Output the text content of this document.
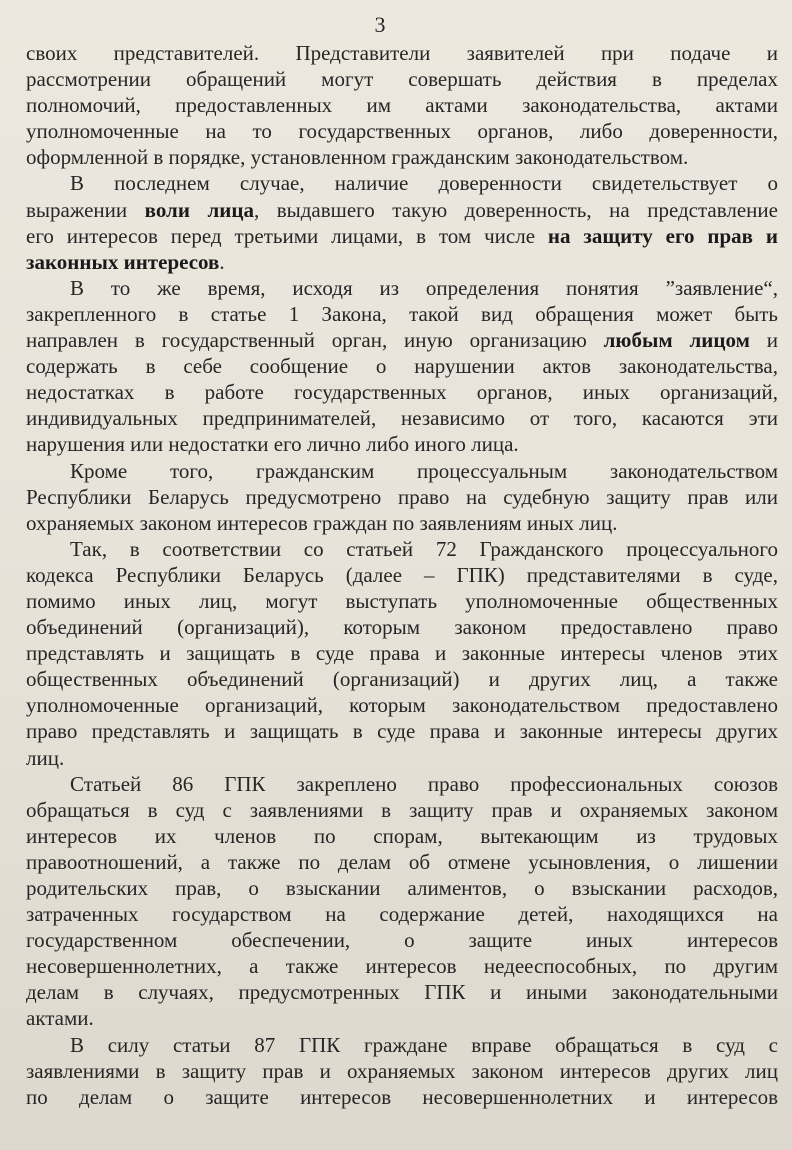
3

своих представителей. Представители заявителей при подаче и
рассмотрении обращений могут совершать действия в пределах
полномочий, предоставленных им актами законодательства, актами
уполномоченные на то государственных органов, либо доверенности,
оформленной в порядке, установленном гражданским законодательством.

В последнем случае, наличие доверенности свидетельствует о
выражении воли лица, выдавшего такую доверенность, на представление
его интересов перед третьими лицами, в том числе на защиту его прав и
законных интересов.

В то же время, исходя из определения понятия ”заявление“,
закрепленного в статье 1 Закона, такой вид обращения может быть
направлен в государственный орган, иную организацию любым лицом и
содержать в себе сообщение о нарушении актов законодательства,
недостатках в работе государственных органов, иных организаций,
индивидуальных предпринимателей, независимо от того, касаются эти
нарушения или недостатки его лично либо иного лица.

Кроме того, гражданским процессуальным законодательством
Республики Беларусь предусмотрено право на судебную защиту прав или
охраняемых законом интересов граждан по заявлениям иных лиц.

Так, в соответствии со статьей 72 Гражданского процессуального
кодекса Республики Беларусь (далее – ГПК) представителями в суде,
помимо иных лиц, могут выступать уполномоченные общественных
объединений (организаций), которым законом предоставлено право
представлять и защищать в суде права и законные интересы членов этих
общественных объединений (организаций) и других лиц, а также
уполномоченные организаций, которым законодательством предоставлено
право представлять и защищать в суде права и законные интересы других
лиц.

Статьей 86 ГПК закреплено право профессиональных союзов
обращаться в суд с заявлениями в защиту прав и охраняемых законом
интересов их членов по спорам, вытекающим из трудовых
правоотношений, а также по делам об отмене усыновления, о лишении
родительских прав, о взыскании алиментов, о взыскании расходов,
затраченных государством на содержание детей, находящихся на
государственном обеспечении, о защите иных интересов
несовершеннолетних, а также интересов недееспособных, по другим
делам в случаях, предусмотренных ГПК и иными законодательными
актами.

В силу статьи 87 ГПК граждане вправе обращаться в суд с
заявлениями в защиту прав и охраняемых законом интересов других лиц
по делам о защите интересов несовершеннолетних и интересов
